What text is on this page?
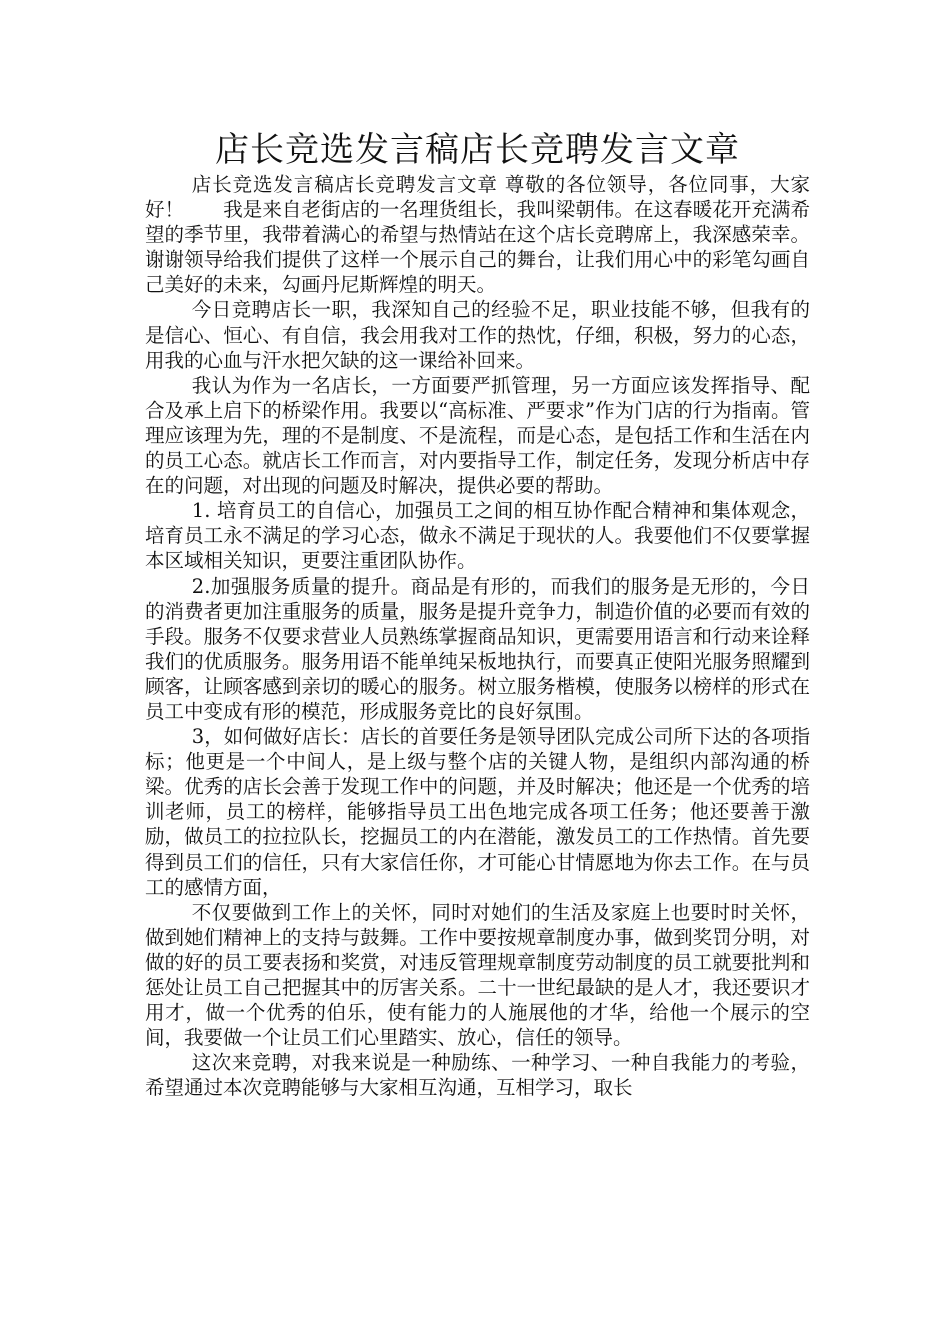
店长竞选发言稿店长竞聘发言文章

店长竞选发言稿店长竞聘发言文章 尊敬的各位领导，各位同事，大家好！　　我是来自老街店的一名理货组长，我叫梁朝伟。在这春暖花开充满希望的季节里，我带着满心的希望与热情站在这个店长竞聘席上，我深感荣幸。谢谢领导给我们提供了这样一个展示自己的舞台，让我们用心中的彩笔勾画自己美好的未来，勾画丹尼斯辉煌的明天。

今日竞聘店长一职，我深知自己的经验不足，职业技能不够，但我有的是信心、恒心、有自信，我会用我对工作的热忱，仔细，积极，努力的心态，用我的心血与汗水把欠缺的这一课给补回来。

我认为作为一名店长，一方面要严抓管理，另一方面应该发挥指导、配合及承上启下的桥梁作用。我要以“高标准、严要求”作为门店的行为指南。管理应该理为先，理的不是制度、不是流程，而是心态，是包括工作和生活在内的员工心态。就店长工作而言，对内要指导工作，制定任务，发现分析店中存在的问题，对出现的问题及时解决，提供必要的帮助。

1. 培育员工的自信心，加强员工之间的相互协作配合精神和集体观念，培育员工永不满足的学习心态，做永不满足于现状的人。我要他们不仅要掌握本区域相关知识，更要注重团队协作。

2.加强服务质量的提升。商品是有形的，而我们的服务是无形的，今日的消费者更加注重服务的质量，服务是提升竞争力，制造价值的必要而有效的手段。服务不仅要求营业人员熟练掌握商品知识，更需要用语言和行动来诠释我们的优质服务。服务用语不能单纯呆板地执行，而要真正使阳光服务照耀到顾客，让顾客感到亲切的暖心的服务。树立服务楷模，使服务以榜样的形式在员工中变成有形的模范，形成服务竞比的良好氛围。

3，如何做好店长：店长的首要任务是领导团队完成公司所下达的各项指标；他更是一个中间人，是上级与整个店的关键人物，是组织内部沟通的桥梁。优秀的店长会善于发现工作中的问题，并及时解决；他还是一个优秀的培训老师，员工的榜样，能够指导员工出色地完成各项工任务；他还要善于激励，做员工的拉拉队长，挖掘员工的内在潜能，激发员工的工作热情。首先要得到员工们的信任，只有大家信任你，才可能心甘情愿地为你去工作。在与员工的感情方面，

不仅要做到工作上的关怀，同时对她们的生活及家庭上也要时时关怀，做到她们精神上的支持与鼓舞。工作中要按规章制度办事，做到奖罚分明，对做的好的员工要表扬和奖赏，对违反管理规章制度劳动制度的员工就要批判和惩处让员工自己把握其中的厉害关系。二十一世纪最缺的是人才，我还要识才用才，做一个优秀的伯乐，使有能力的人施展他的才华，给他一个展示的空间，我要做一个让员工们心里踏实、放心，信任的领导。

这次来竞聘，对我来说是一种励练、一种学习、一种自我能力的考验，希望通过本次竞聘能够与大家相互沟通，互相学习，取长
